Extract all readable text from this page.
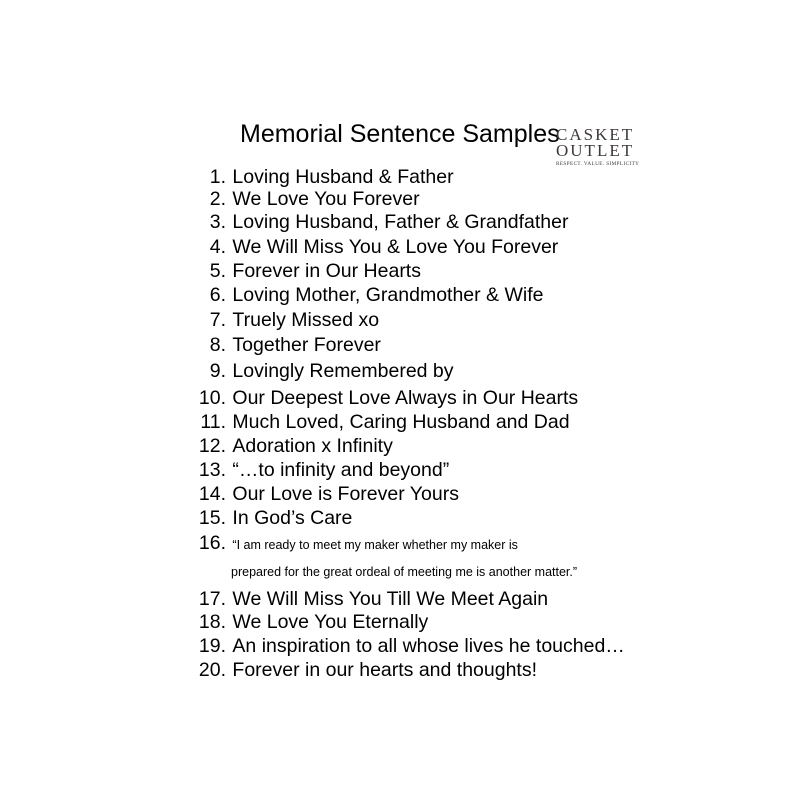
Memorial Sentence Samples
CASKET
OUTLET
RESPECT. VALUE. SIMPLICITY
1. Loving Husband & Father
2. We Love You Forever
3. Loving Husband, Father & Grandfather
4. We Will Miss You & Love You Forever
5. Forever in Our Hearts
6. Loving Mother, Grandmother & Wife
7. Truely Missed xo
8. Together Forever
9. Lovingly Remembered by
10. Our Deepest Love Always in Our Hearts
11. Much Loved, Caring Husband and Dad
12. Adoration x Infinity
13. “…to infinity and beyond”
14. Our Love is Forever Yours
15. In God’s Care
16. “I am ready to meet my maker whether my maker is
prepared for the great ordeal of meeting me is another matter.”
17. We Will Miss You Till We Meet Again
18. We Love You Eternally
19. An inspiration to all whose lives he touched…
20. Forever in our hearts and thoughts!
